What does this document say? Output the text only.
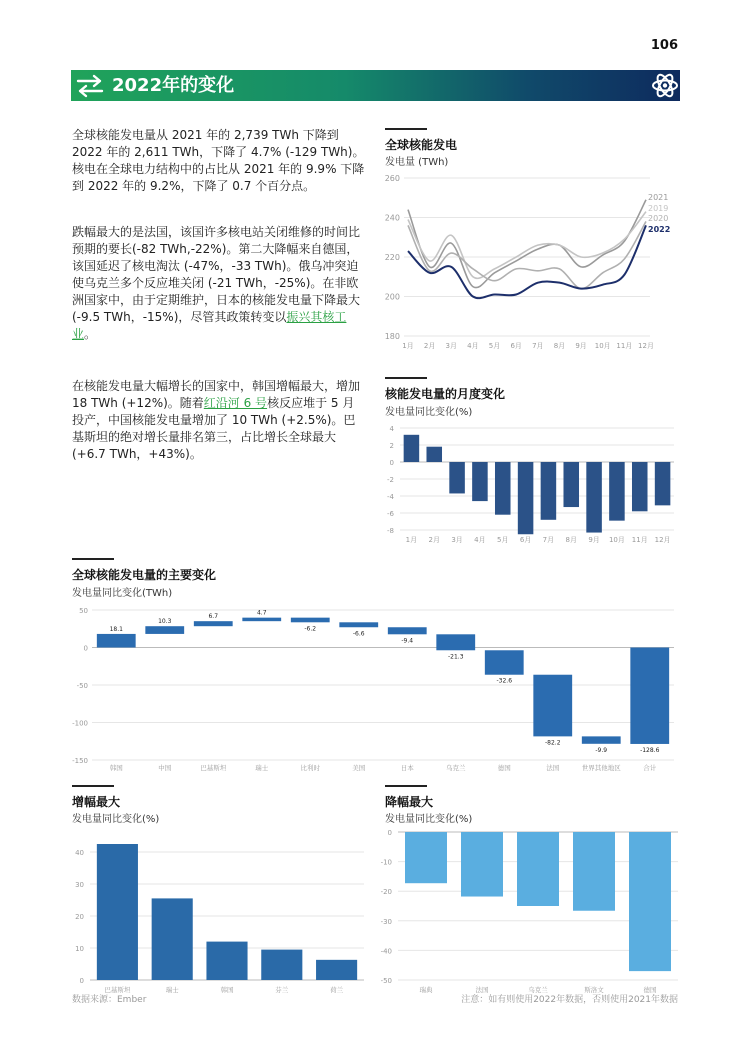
106
2022年的变化
全球核能发电量从 2021 年的 2,739 TWh 下降到 2022 年的 2,611 TWh，下降了 4.7% (-129 TWh)。核电在全球电力结构中的占比从 2021 年的 9.9% 下降到 2022 年的 9.2%，下降了 0.7 个百分点。
跌幅最大的是法国，该国许多核电站关闭维修的时间比预期的要长(-82 TWh,-22%)。第二大降幅来自德国，该国延迟了核电淘汰 (-47%，-33 TWh)。俄乌冲突迫使乌克兰多个反应堆关闭 (-21 TWh，-25%)。在非欧洲国家中，由于定期维护，日本的核能发电量下降最大 (-9.5 TWh，-15%)，尽管其政策转变以振兴其核工业。
在核能发电量大幅增长的国家中，韩国增幅最大，增加 18 TWh (+12%)。随着红沿河 6 号核反应堆于 5 月投产，中国核能发电量增加了 10 TWh (+2.5%)。巴基斯坦的绝对增长量排名第三，占比增长全球最大 (+6.7 TWh，+43%)。
全球核能发电
发电量 (TWh)
180
200
220
240
260
1月 2月 3月 4月 5月 6月 7月 8月 9月 10月 11月 12月
2021
2019
2020
2022
核能发电量的月度变化
发电量同比变化(%)
4
2
0
-2
-4
-6
-8
1月 2月 3月 4月 5月 6月 7月 8月 9月 10月 11月 12月
全球核能发电量的主要变化
发电量同比变化(TWh)
50
0
-50
-100
-150
18.1
韩国
10.3
中国
6.7
巴基斯坦
4.7
瑞士
-6.2
比利时
-6.6
美国
-9.4
日本
-21.3
乌克兰
-32.6
德国
-82.2
法国
-9.9
世界其他地区
-128.6
合计
增幅最大
发电量同比变化(%)
40
30
20
10
0
巴基斯坦	瑞士	韩国	芬兰	荷兰
降幅最大
发电量同比变化(%)
0
-10
-20
-30
-40
-50
瑞典	法国	乌克兰	斯洛文	德国
数据来源：Ember	注意：如有则使用2022年数据，否则使用2021年数据
